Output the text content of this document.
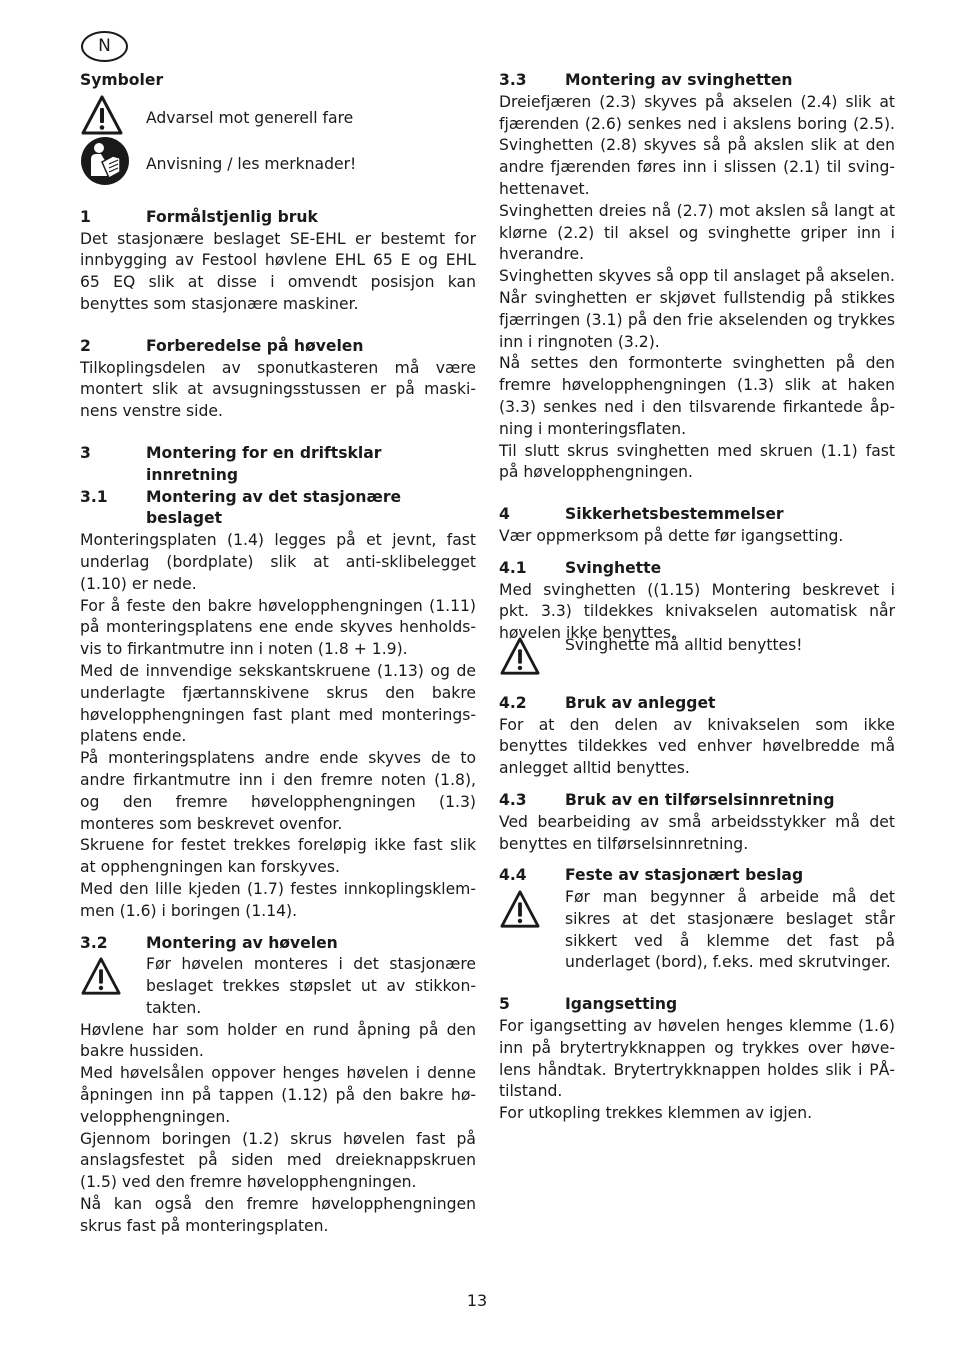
N
Symboler
Advarsel mot generell fare
Anvisning / les merknader!
1	Formålstjenlig bruk
Det stasjonære beslaget SE-EHL er bestemt for innbygging av Festool høvlene EHL 65 E og EHL 65 EQ slik at disse i omvendt posisjon kan benyttes som stasjonære maskiner.
2	Forberedelse på høvelen
Tilkoplingsdelen av sponutkasteren må være montert slik at avsugningsstussen er på maski-nens venstre side.
3	Montering for en driftsklar innretning
3.1	Montering av det stasjonære beslaget
Monteringsplaten (1.4) legges på et jevnt, fast underlag (bordplate) slik at anti-sklibelegget (1.10) er nede.
For å feste den bakre høvelopphengningen (1.11) på monteringsplatens ene ende skyves henholds-vis to firkantmutre inn i noten (1.8 + 1.9).
Med de innvendige sekskantskruene (1.13) og de underlagte fjærtannskivene skrus den bakre høvelopphengningen fast plant med monterings-platens ende.
På monteringsplatens andre ende skyves de to andre firkantmutre inn i den fremre noten (1.8), og den fremre høvelopphengningen (1.3) monteres som beskrevet ovenfor.
Skruene for festet trekkes foreløpig ikke fast slik at opphengningen kan forskyves.
Med den lille kjeden (1.7) festes innkoplingsklem-men (1.6) i boringen (1.14).
3.2	Montering av høvelen
Før høvelen monteres i det stasjonære beslaget trekkes støpslet ut av stikkon-takten.
Høvlene har som holder en rund åpning på den bakre hussiden.
Med høvelsålen oppover henges høvelen i denne åpningen inn på tappen (1.12) på den bakre hø-velopphengningen.
Gjennom boringen (1.2) skrus høvelen fast på anslagsfestet på siden med dreieknappskruen (1.5) ved den fremre høvelopphengningen.
Nå kan også den fremre høvelopphengningen skrus fast på monteringsplaten.
3.3	Montering av svinghetten
Dreiefjæren (2.3) skyves på akselen (2.4) slik at fjærenden (2.6) senkes ned i akslens boring (2.5). Svinghetten (2.8) skyves så på akslen slik at den andre fjærenden føres inn i slissen (2.1) til sving-hettenavet.
Svinghetten dreies nå (2.7) mot akslen så langt at klørne (2.2) til aksel og svinghette griper inn i hverandre.
Svinghetten skyves så opp til anslaget på akselen. Når svinghetten er skjøvet fullstendig på stikkes fjærringen (3.1) på den frie akselenden og trykkes inn i ringnoten (3.2).
Nå settes den formonterte svinghetten på den fremre høvelopphengningen (1.3) slik at haken (3.3) senkes ned i den tilsvarende firkantede åp-ning i monteringsflaten.
Til slutt skrus svinghetten med skruen (1.1) fast på høvelopphengningen.
4	Sikkerhetsbestemmelser
Vær oppmerksom på dette før igangsetting.
4.1	Svinghette
Med svinghetten ((1.15) Montering beskrevet i pkt. 3.3) tildekkes knivakselen automatisk når høvelen ikke benyttes.
Svinghette må alltid benyttes!
4.2	Bruk av anlegget
For at den delen av knivakselen som ikke benyttes tildekkes ved enhver høvelbredde må anlegget alltid benyttes.
4.3	Bruk av en tilførselsinnretning
Ved bearbeiding av små arbeidsstykker må det benyttes en tilførselsinnretning.
4.4	Feste av stasjonært beslag
Før man begynner å arbeide må det sikres at det stasjonære beslaget står sikkert ved å klemme det fast på underlaget (bord), f.eks. med skrutvinger.
5	Igangsetting
For igangsetting av høvelen henges klemme (1.6) inn på brytertrykknappen og trykkes over høve-lens håndtak. Brytertrykknappen holdes slik i PÅ-tilstand.
For utkopling trekkes klemmen av igjen.
13
